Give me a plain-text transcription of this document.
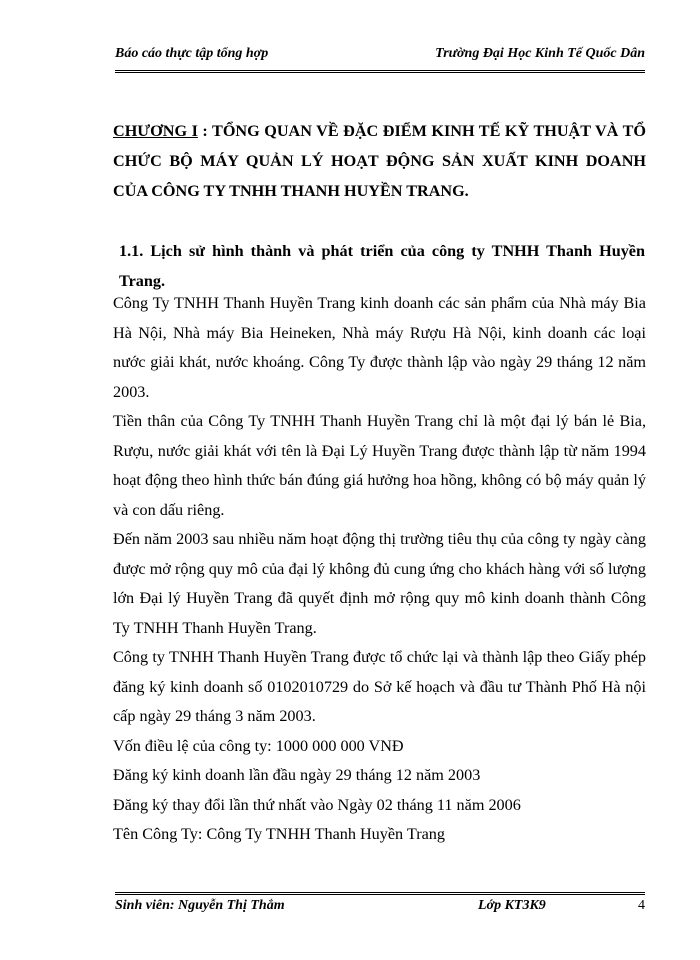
Báo cáo thực tập tổng hợp	Trường Đại Học Kinh Tế Quốc Dân
CHƯƠNG I : TỔNG QUAN VỀ ĐẶC ĐIỂM KINH TẾ KỸ THUẬT VÀ TỔ CHỨC BỘ MÁY QUẢN LÝ HOẠT ĐỘNG SẢN XUẤT KINH DOANH CỦA CÔNG TY TNHH THANH HUYỀN TRANG.
1.1. Lịch sử hình thành và phát triển của công ty TNHH Thanh Huyền Trang.

Công Ty TNHH Thanh Huyền Trang kinh doanh các sản phẩm của Nhà máy Bia Hà Nội, Nhà máy Bia Heineken, Nhà máy Rượu Hà Nội, kinh doanh các loại nước giải khát, nước khoáng. Công Ty được thành lập vào ngày 29 tháng 12 năm 2003.

Tiền thân của Công Ty TNHH Thanh Huyền Trang chỉ là một đại lý bán lẻ Bia, Rượu, nước giải khát với tên là Đại Lý Huyền Trang được thành lập từ năm 1994 hoạt động theo hình thức bán đúng giá hưởng hoa hồng, không có bộ máy quản lý và con dấu riêng.

Đến năm 2003 sau nhiều năm hoạt động thị trường tiêu thụ của công ty ngày càng được mở rộng quy mô của đại lý không đủ cung ứng cho khách hàng với số lượng lớn Đại lý Huyền Trang đã quyết định mở rộng quy mô kinh doanh thành Công Ty TNHH Thanh Huyền Trang.

Công ty TNHH Thanh Huyền Trang được tổ chức lại và thành lập theo Giấy phép đăng ký kinh doanh số 0102010729 do Sở kế hoạch và đầu tư Thành Phố Hà nội cấp ngày 29 tháng 3 năm 2003.

Vốn điều lệ của công ty: 1000 000 000 VNĐ

Đăng ký kinh doanh lần đầu ngày 29 tháng 12 năm 2003

Đăng ký thay đổi lần thứ nhất vào Ngày 02 tháng 11 năm 2006

Tên Công Ty: Công Ty TNHH Thanh Huyền Trang

Sinh viên: Nguyễn Thị Thắm	Lớp KT3K9	4
